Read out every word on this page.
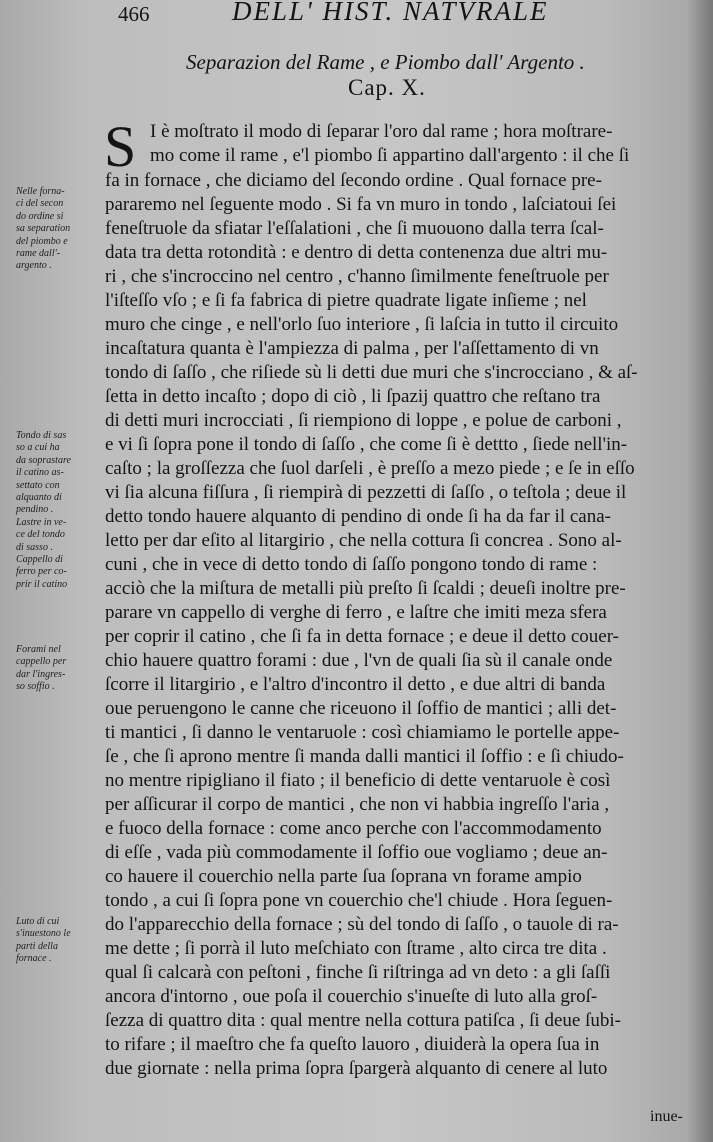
466	DELL' HIST. NATVRALE
Separazion del Rame , e Piombo dall' Argento .
Cap. X.
S I è moſtrato il modo di ſeparar l'oro dal rame ; hora moſtrare-
mo come il rame , e'l piombo ſi appartino dall'argento : il che ſi
fa in fornace , che diciamo del ſecondo ordine . Qual fornace pre-
pararemo nel ſeguente modo . Si fa vn muro in tondo , laſciatoui ſei
feneſtruole da sfiatar l'eſſalationi , che ſi muouono dalla terra ſcal-
data tra detta rotondità : e dentro di detta contenenza due altri mu-
ri , che s'incroccino nel centro , c'hanno ſimilmente feneſtruole per
l'iſteſſo vſo ; e ſi fa fabrica di pietre quadrate ligate inſieme ; nel
muro che cinge , e nell'orlo ſuo interiore , ſi laſcia in tutto il circuito
incaſtatura quanta è l'ampiezza di palma , per l'aſſettamento di vn
tondo di ſaſſo , che riſiede sù li detti due muri che s'incrocciano , & aſ-
ſetta in detto incaſto ; dopo di ciò , li ſpazij quattro che reſtano tra
di detti muri incrocciati , ſi riempiono di loppe , e polue de carboni ,
e vi ſi ſopra pone il tondo di ſaſſo , che come ſi è dettto , ſiede nell'in-
caſto ; la groſſezza che ſuol darſeli , è preſſo a mezo piede ; e ſe in eſſo
vi ſia alcuna fiſſura , ſi riempirà di pezzetti di ſaſſo , o teſtola ; deue il
detto tondo hauere alquanto di pendino di onde ſi ha da far il cana-
letto per dar eſito al litargirio , che nella cottura ſi concrea . Sono al-
cuni , che in vece di detto tondo di ſaſſo pongono tondo di rame :
acciò che la miſtura de metalli più preſto ſi ſcaldi ; deueſi inoltre pre-
parare vn cappello di verghe di ferro , e laſtre che imiti meza sfera
per coprir il catino , che ſi fa in detta fornace ; e deue il detto couer-
chio hauere quattro forami : due , l'vn de quali ſia sù il canale onde
ſcorre il litargirio , e l'altro d'incontro il detto , e due altri di banda
oue peruengono le canne che riceuono il ſoffio de mantici ; alli det-
ti mantici , ſi danno le ventaruole : così chiamiamo le portelle appe-
ſe , che ſi aprono mentre ſi manda dalli mantici il ſoffio : e ſi chiudo-
no mentre ripigliano il fiato ; il beneficio di dette ventaruole è così
per aſſicurar il corpo de mantici , che non vi habbia ingreſſo l'aria ,
e fuoco della fornace : come anco perche con l'accommodamento
di eſſe , vada più commodamente il ſoffio oue vogliamo ; deue an-
co hauere il couerchio nella parte ſua ſoprana vn forame ampio
tondo , a cui ſi ſopra pone vn couerchio che'l chiude . Hora ſeguen-
do l'apparecchio della fornace ; sù del tondo di ſaſſo , o tauole di ra-
me dette ; ſi porrà il luto meſchiato con ſtrame , alto circa tre dita .
qual ſi calcarà con peſtoni , finche ſi riſtringa ad vn deto : a gli ſaſſi
ancora d'intorno , oue poſa il couerchio s'inueſte di luto alla groſ-
ſezza di quattro dita : qual mentre nella cottura patiſca , ſi deue ſubi-
to rifare ; il maeſtro che fa queſto lauoro , diuiderà la opera ſua in
due giornate : nella prima ſopra ſpargerà alquanto di cenere al luto
Nelle forna-
ci del secon
do ordine si
sa separation
del piombo e
rame dall'-
argento .
Tondo di sas
so a cui ha
da soprastare
il catino as-
settato con
alquanto di
pendino .
Lastre in ve-
ce del tondo
di sasso .
Cappello di
ferro per co-
prir il catino
Forami nel
cappello per
dar l'ingres-
so soffio .
Luto di cui
s'inuestono le
parti della
fornace .
inue-
